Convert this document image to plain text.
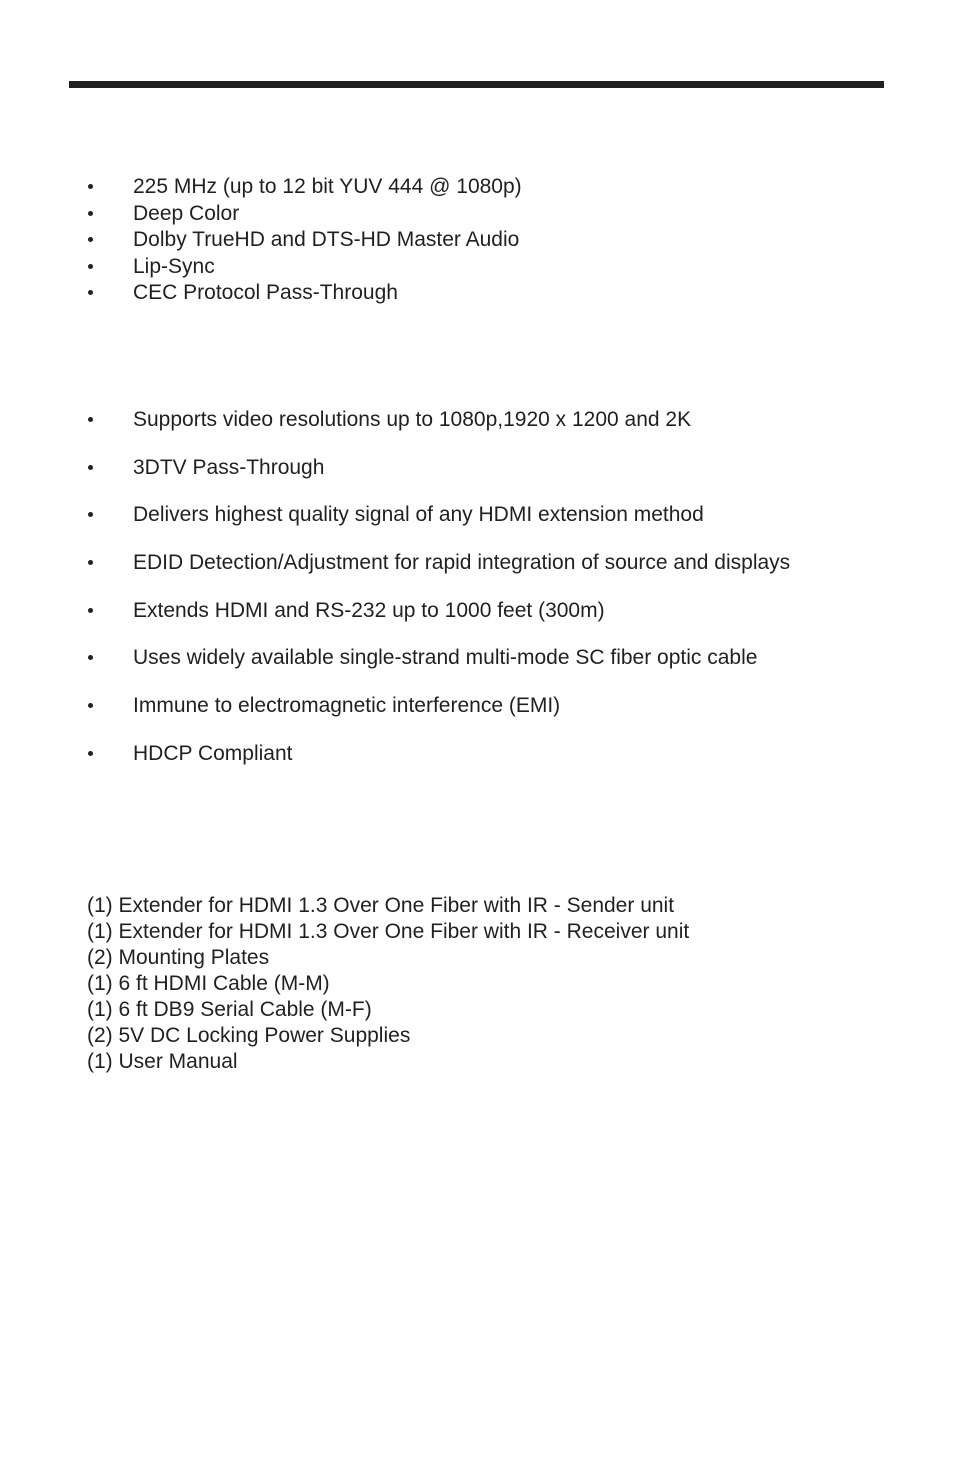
225 MHz (up to 12 bit YUV 444 @ 1080p)
Deep Color
Dolby TrueHD and DTS-HD Master Audio
Lip-Sync
CEC Protocol Pass-Through
Supports video resolutions up to 1080p,1920 x 1200 and 2K
3DTV Pass-Through
Delivers highest quality signal of any HDMI extension method
EDID Detection/Adjustment for rapid integration of source and displays
Extends HDMI and RS-232 up to 1000 feet (300m)
Uses widely available single-strand multi-mode SC fiber optic cable
Immune to electromagnetic interference (EMI)
HDCP Compliant
(1) Extender for HDMI 1.3 Over One Fiber with IR - Sender unit
(1) Extender for HDMI 1.3 Over One Fiber with IR - Receiver unit
(2) Mounting Plates
(1) 6 ft HDMI Cable (M-M)
(1) 6 ft DB9 Serial Cable (M-F)
(2) 5V DC Locking Power Supplies
(1) User Manual
